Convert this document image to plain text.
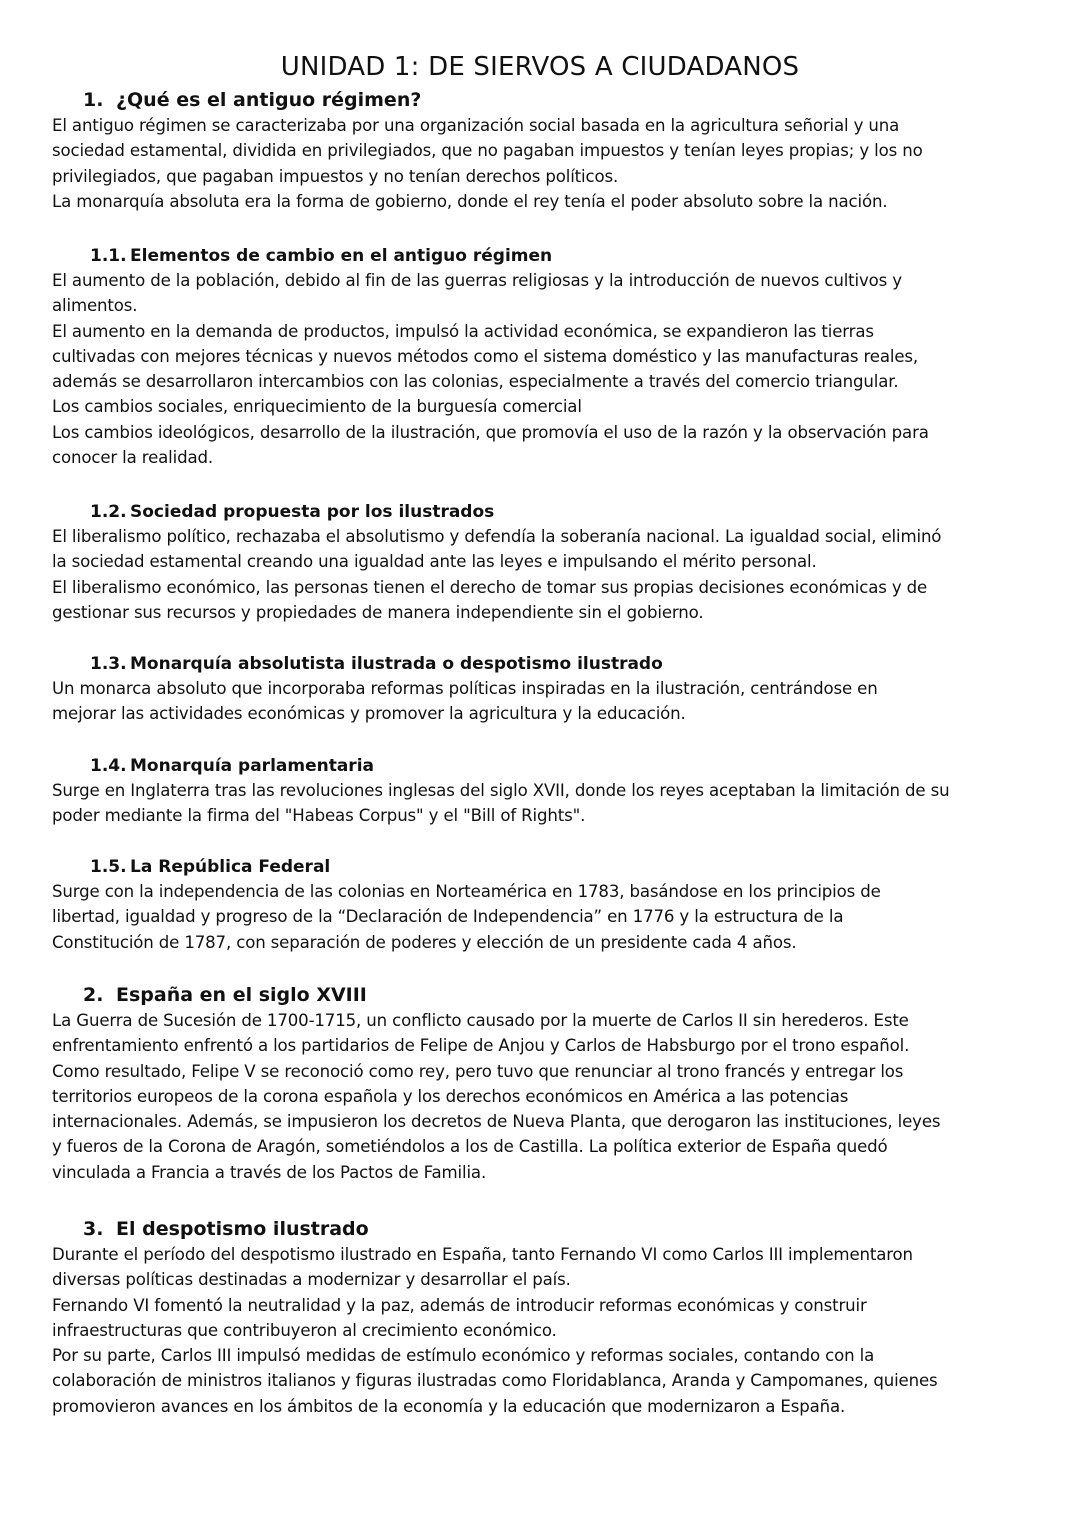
UNIDAD 1: DE SIERVOS A CIUDADANOS
1. ¿Qué es el antiguo régimen?

El antiguo régimen se caracterizaba por una organización social basada en la agricultura señorial y una

sociedad estamental, dividida en privilegiados, que no pagaban impuestos y tenían leyes propias; y los no

privilegiados, que pagaban impuestos y no tenían derechos políticos.

La monarquía absoluta era la forma de gobierno, donde el rey tenía el poder absoluto sobre la nación.

1.1. Elementos de cambio en el antiguo régimen

El aumento de la población, debido al fin de las guerras religiosas y la introducción de nuevos cultivos y

alimentos.

El aumento en la demanda de productos, impulsó la actividad económica, se expandieron las tierras

cultivadas con mejores técnicas y nuevos métodos como el sistema doméstico y las manufacturas reales,

además se desarrollaron intercambios con las colonias, especialmente a través del comercio triangular.

Los cambios sociales, enriquecimiento de la burguesía comercial

Los cambios ideológicos, desarrollo de la ilustración, que promovía el uso de la razón y la observación para

conocer la realidad.

1.2. Sociedad propuesta por los ilustrados

El liberalismo político, rechazaba el absolutismo y defendía la soberanía nacional. La igualdad social, eliminó

la sociedad estamental creando una igualdad ante las leyes e impulsando el mérito personal.

El liberalismo económico, las personas tienen el derecho de tomar sus propias decisiones económicas y de

gestionar sus recursos y propiedades de manera independiente sin el gobierno.

1.3. Monarquía absolutista ilustrada o despotismo ilustrado

Un monarca absoluto que incorporaba reformas políticas inspiradas en la ilustración, centrándose en

mejorar las actividades económicas y promover la agricultura y la educación.

1.4. Monarquía parlamentaria

Surge en Inglaterra tras las revoluciones inglesas del siglo XVII, donde los reyes aceptaban la limitación de su

poder mediante la firma del "Habeas Corpus" y el "Bill of Rights".

1.5. La República Federal

Surge con la independencia de las colonias en Norteamérica en 1783, basándose en los principios de

libertad, igualdad y progreso de la “Declaración de Independencia” en 1776 y la estructura de la

Constitución de 1787, con separación de poderes y elección de un presidente cada 4 años.

2. España en el siglo XVIII

La Guerra de Sucesión de 1700-1715, un conflicto causado por la muerte de Carlos II sin herederos. Este

enfrentamiento enfrentó a los partidarios de Felipe de Anjou y Carlos de Habsburgo por el trono español.

Como resultado, Felipe V se reconoció como rey, pero tuvo que renunciar al trono francés y entregar los

territorios europeos de la corona española y los derechos económicos en América a las potencias

internacionales. Además, se impusieron los decretos de Nueva Planta, que derogaron las instituciones, leyes

y fueros de la Corona de Aragón, sometiéndolos a los de Castilla. La política exterior de España quedó

vinculada a Francia a través de los Pactos de Familia.

3. El despotismo ilustrado

Durante el período del despotismo ilustrado en España, tanto Fernando VI como Carlos III implementaron

diversas políticas destinadas a modernizar y desarrollar el país.

Fernando VI fomentó la neutralidad y la paz, además de introducir reformas económicas y construir

infraestructuras que contribuyeron al crecimiento económico.

Por su parte, Carlos III impulsó medidas de estímulo económico y reformas sociales, contando con la

colaboración de ministros italianos y figuras ilustradas como Floridablanca, Aranda y Campomanes, quienes

promovieron avances en los ámbitos de la economía y la educación que modernizaron a España.
